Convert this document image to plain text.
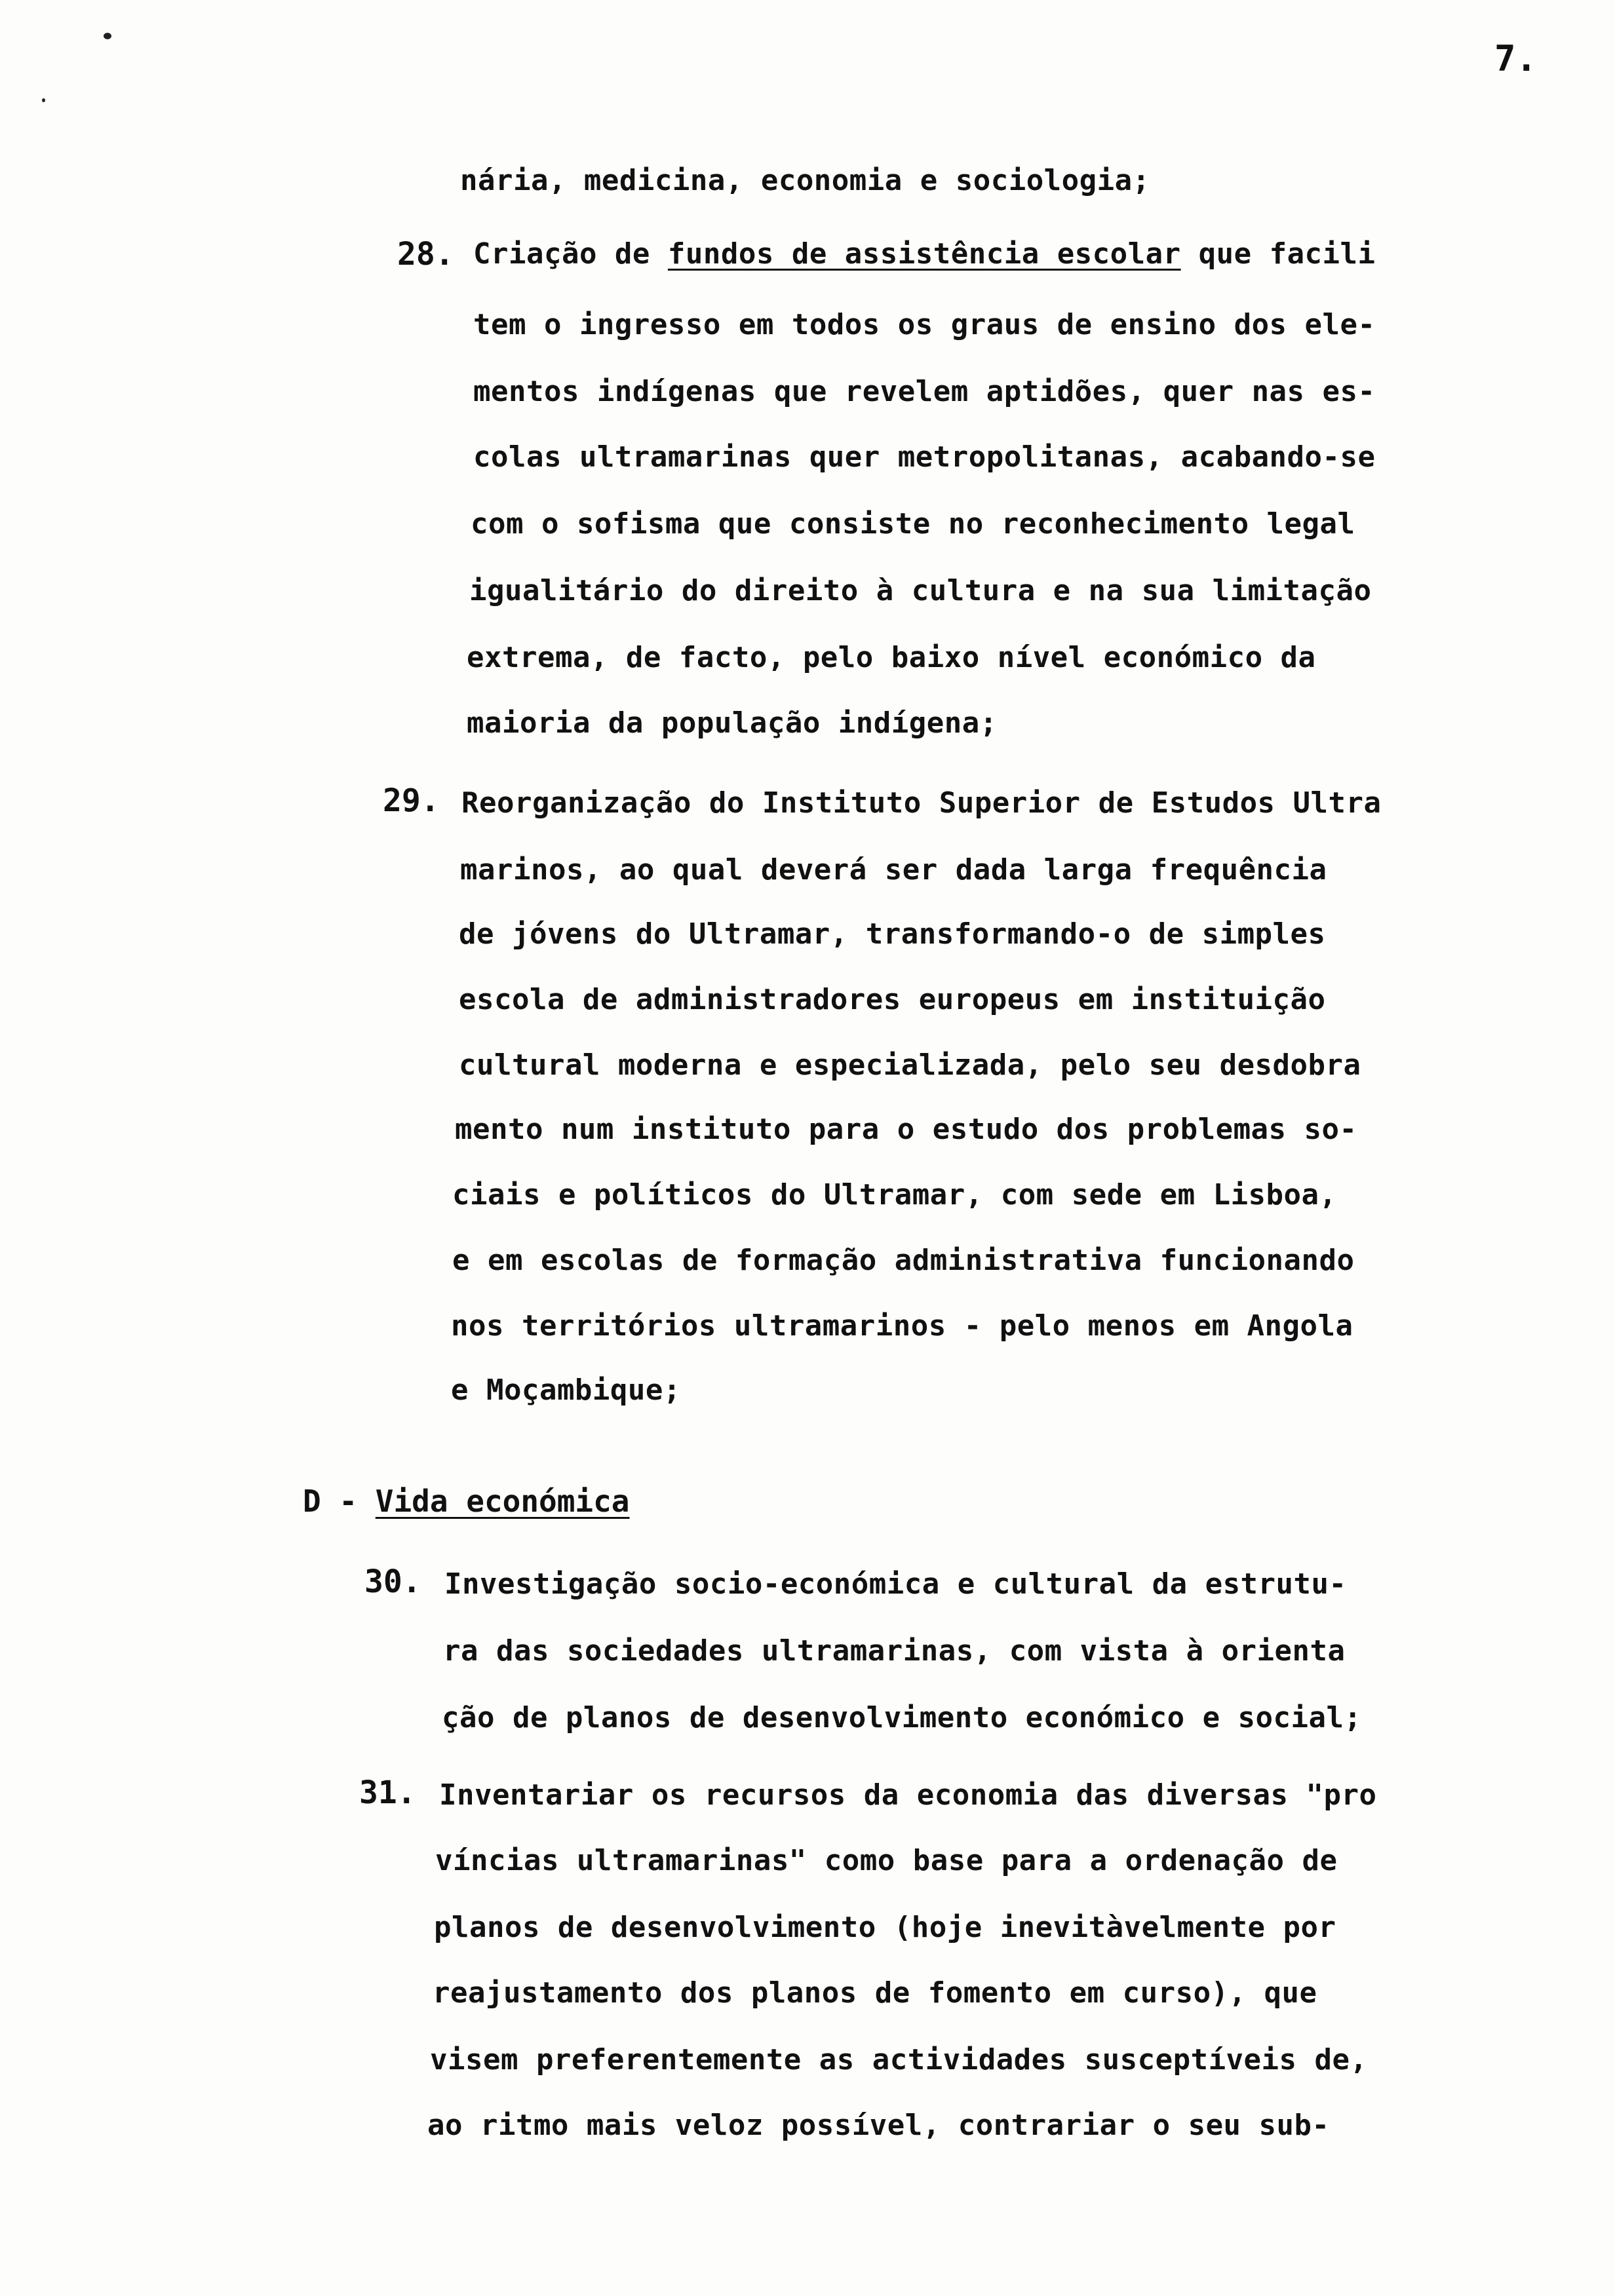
7.
nária, medicina, economia e sociologia;
28. Criação de fundos de assistência escolar que facili
tem o ingresso em todos os graus de ensino dos ele-
mentos indígenas que revelem aptidões, quer nas es-
colas ultramarinas quer metropolitanas, acabando-se
com o sofisma que consiste no reconhecimento legal
igualitário do direito à cultura e na sua limitação
extrema, de facto, pelo baixo nível económico da
maioria da população indígena;
29. Reorganização do Instituto Superior de Estudos Ultra
marinos, ao qual deverá ser dada larga frequência
de jóvens do Ultramar, transformando-o de simples
escola de administradores europeus em instituição
cultural moderna e especializada, pelo seu desdobra
mento num instituto para o estudo dos problemas so-
ciais e políticos do Ultramar, com sede em Lisboa,
e em escolas de formação administrativa funcionando
nos territórios ultramarinos - pelo menos em Angola
e Moçambique;
D - Vida económica
30. Investigação socio-económica e cultural da estrutu-
ra das sociedades ultramarinas, com vista à orienta
ção de planos de desenvolvimento económico e social;
31. Inventariar os recursos da economia das diversas "pro
víncias ultramarinas" como base para a ordenação de
planos de desenvolvimento (hoje inevitàvelmente por
reajustamento dos planos de fomento em curso), que
visem preferentemente as actividades susceptíveis de,
ao ritmo mais veloz possível, contrariar o seu sub-
